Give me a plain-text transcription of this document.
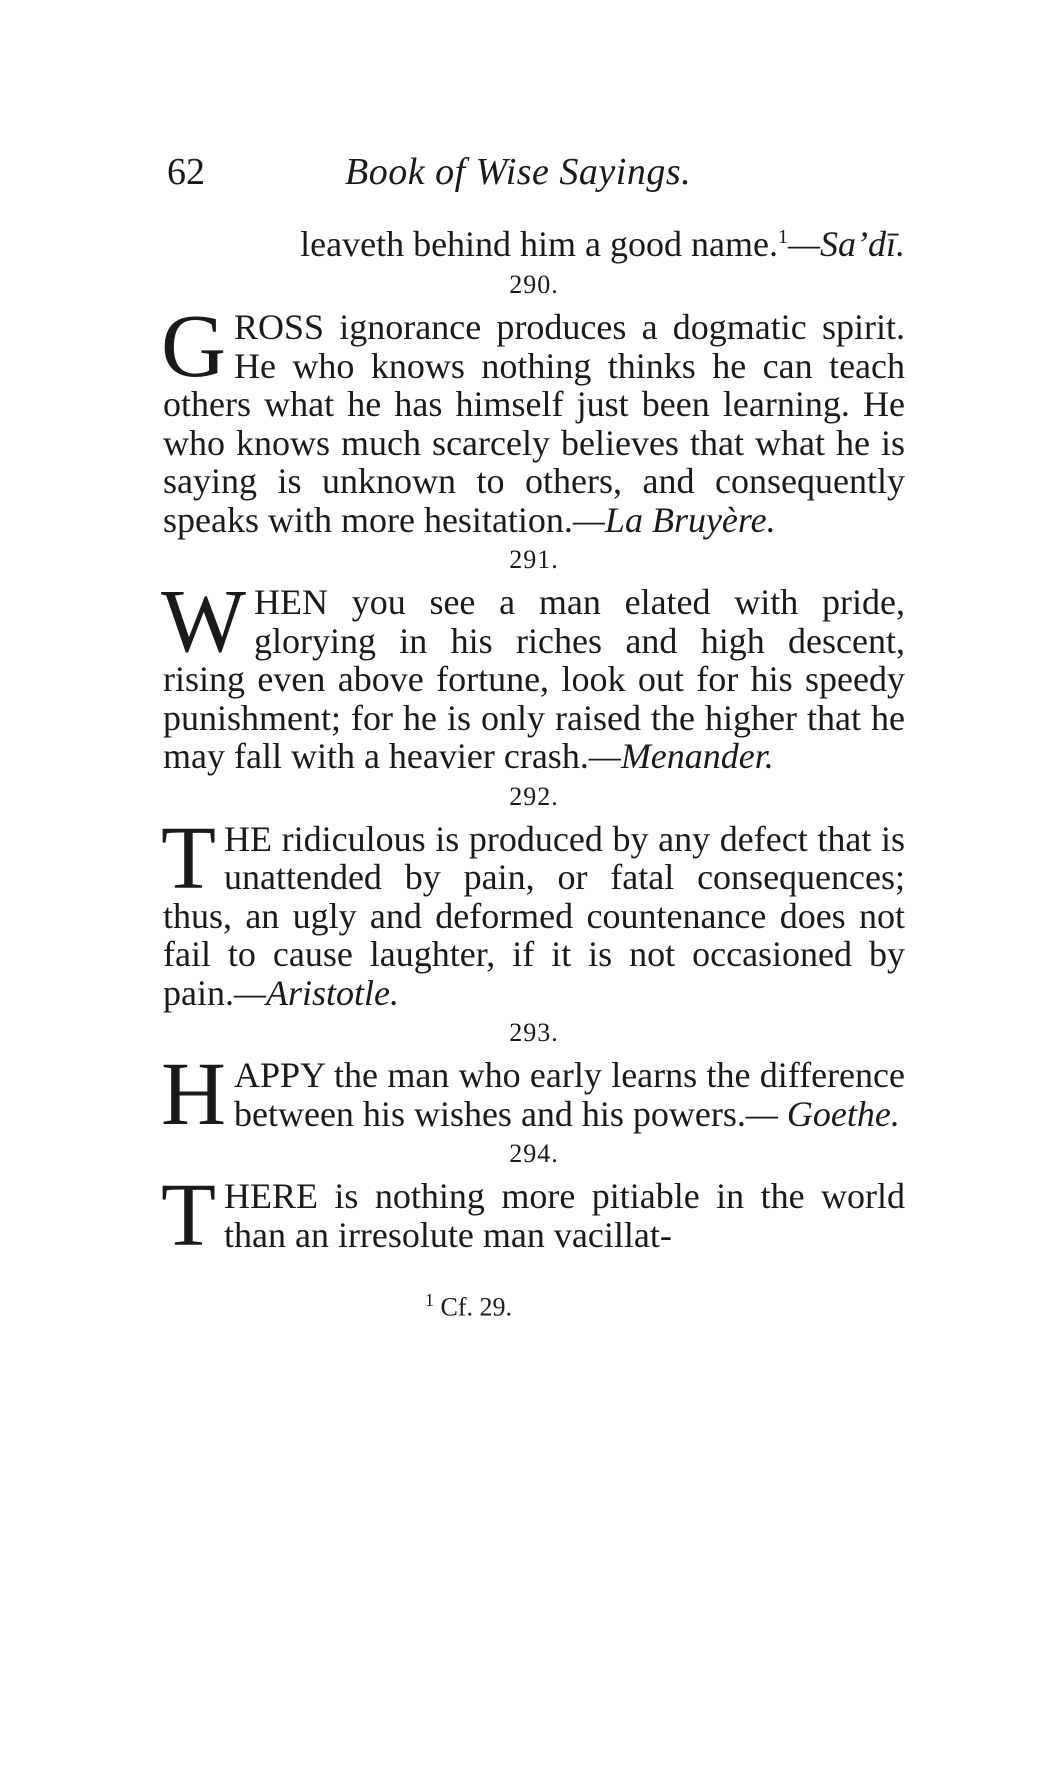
62	Book of Wise Sayings.
leaveth behind him a good name.$^1$—Sa’dī.
290.
GROSS ignorance produces a dogmatic spirit. He who knows nothing thinks he can teach others what he has himself just been learning. He who knows much scarcely believes that what he is saying is unknown to others, and consequently speaks with more hesitation.—La Bruyère.
291.
WHEN you see a man elated with pride, glorying in his riches and high descent, rising even above fortune, look out for his speedy punishment; for he is only raised the higher that he may fall with a heavier crash.—Menander.
292.
THE ridiculous is produced by any defect that is unattended by pain, or fatal consequences; thus, an ugly and deformed countenance does not fail to cause laughter, if it is not occasioned by pain.—Aristotle.
293.
HAPPY the man who early learns the difference between his wishes and his powers.— Goethe.
294.
THERE is nothing more pitiable in the world than an irresolute man vacillat-
$^1$ Cf. 29.
